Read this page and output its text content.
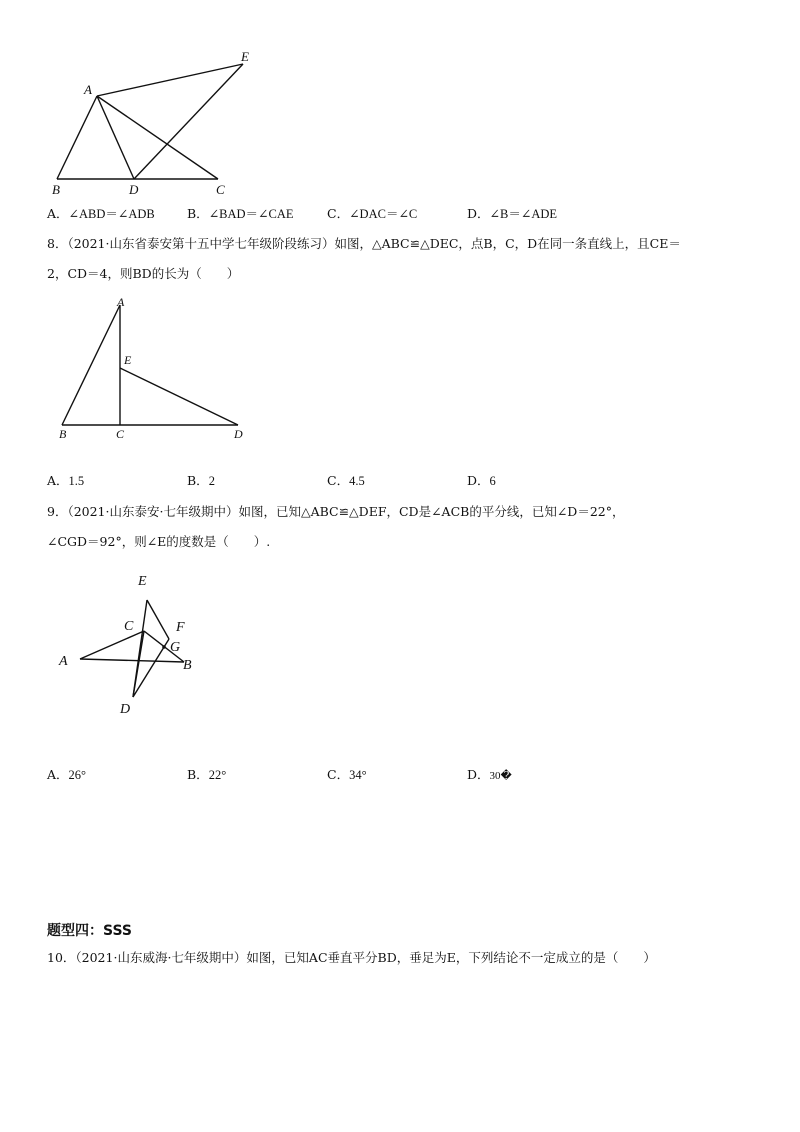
A
B	D	C
E
A．∠ABD＝∠ADB	B．∠BAD＝∠CAE	C．∠DAC＝∠C	D．∠B＝∠ADE
8．（2021·山东省泰安第十五中学七年级阶段练习）如图，△ABC≌△DEC，点B，C，D在同一条直线上，且CE＝
2，CD＝4，则BD的长为（　　）
A
E
B	C	D
A．1.5	B．2	C．4.5	D．6
9．（2021·山东泰安·七年级期中）如图，已知△ABC≌△DEF，CD是∠ACB的平分线，已知∠D＝22°，
∠CGD＝92°，则∠E的度数是（　　）.
E
C	F
G
A	B
D
A．26°	B．22°	C．34°	D．30�
题型四：SSS
10．（2021·山东威海·七年级期中）如图，已知AC垂直平分BD，垂足为E，下列结论不一定成立的是（　　）
